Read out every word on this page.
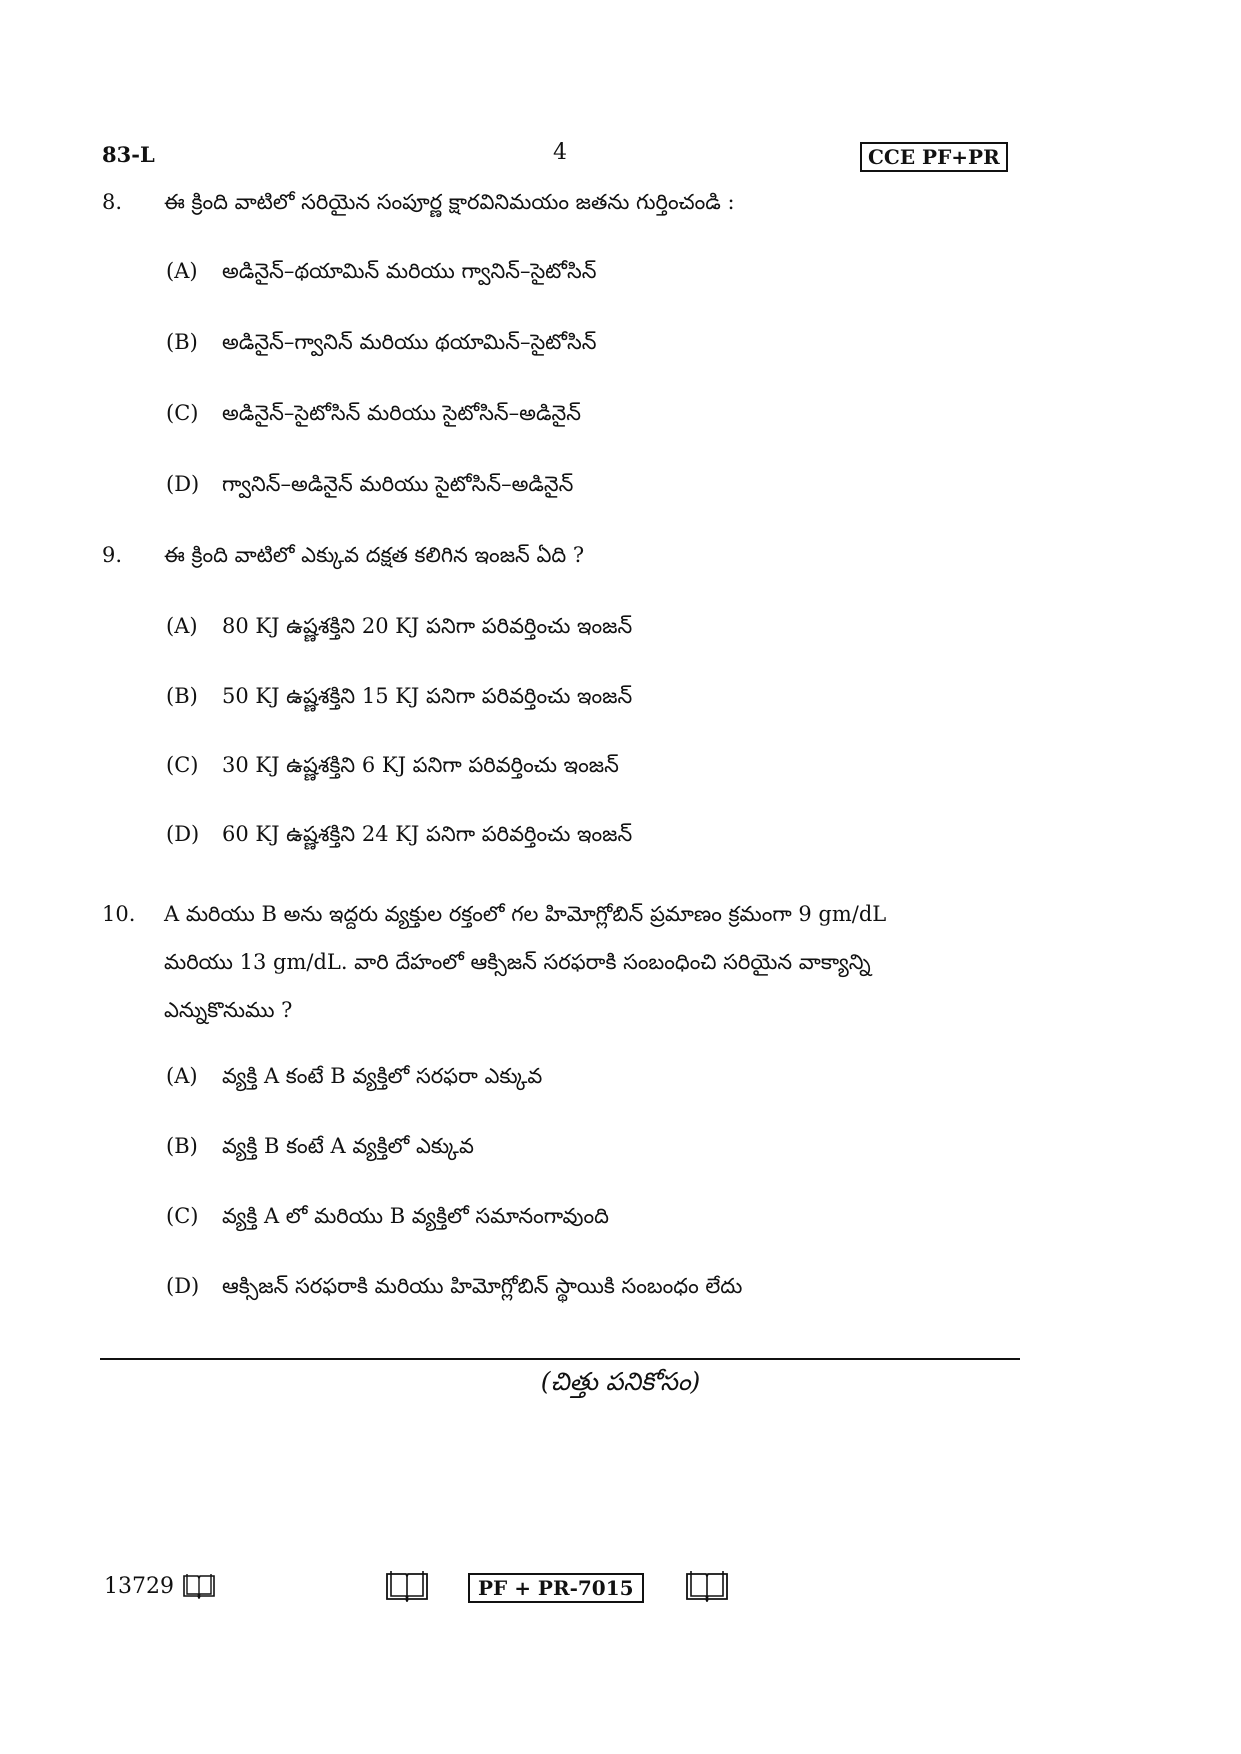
83-L	4	CCE PF+PR
8. ఈ క్రింది వాటిలో సరియైన సంపూర్ణ క్షారవినిమయం జతను గుర్తించండి :
(A)	అడినైన్–థయామిన్ మరియు గ్వానిన్–సైటోసిన్
(B)	అడినైన్–గ్వానిన్ మరియు థయామిన్–సైటోసిన్
(C)	అడినైన్–సైటోసిన్ మరియు సైటోసిన్–అడినైన్
(D)	గ్వానిన్–అడినైన్ మరియు సైటోసిన్–అడినైన్
9. ఈ క్రింది వాటిలో ఎక్కువ దక్షత కలిగిన ఇంజన్ ఏది ?
(A)	80 KJ ఉష్ణశక్తిని 20 KJ పనిగా పరివర్తించు ఇంజన్
(B)	50 KJ ఉష్ణశక్తిని 15 KJ పనిగా పరివర్తించు ఇంజన్
(C)	30 KJ ఉష్ణశక్తిని 6 KJ పనిగా పరివర్తించు ఇంజన్
(D)	60 KJ ఉష్ణశక్తిని 24 KJ పనిగా పరివర్తించు ఇంజన్
10. A మరియు B అను ఇద్దరు వ్యక్తుల రక్తంలో గల హిమోగ్లోబిన్ ప్రమాణం క్రమంగా 9 gm/dL
మరియు 13 gm/dL. వారి దేహంలో ఆక్సిజన్ సరఫరాకి సంబంధించి సరియైన వాక్యాన్ని
ఎన్నుకొనుము ?
(A)	వ్యక్తి A కంటే B వ్యక్తిలో సరఫరా ఎక్కువ
(B)	వ్యక్తి B కంటే A వ్యక్తిలో ఎక్కువ
(C)	వ్యక్తి A లో మరియు B వ్యక్తిలో సమానంగావుంది
(D)	ఆక్సిజన్ సరఫరాకి మరియు హిమోగ్లోబిన్ స్థాయికి సంబంధం లేదు
(చిత్తు పనికోసం)
13729	PF + PR-7015
